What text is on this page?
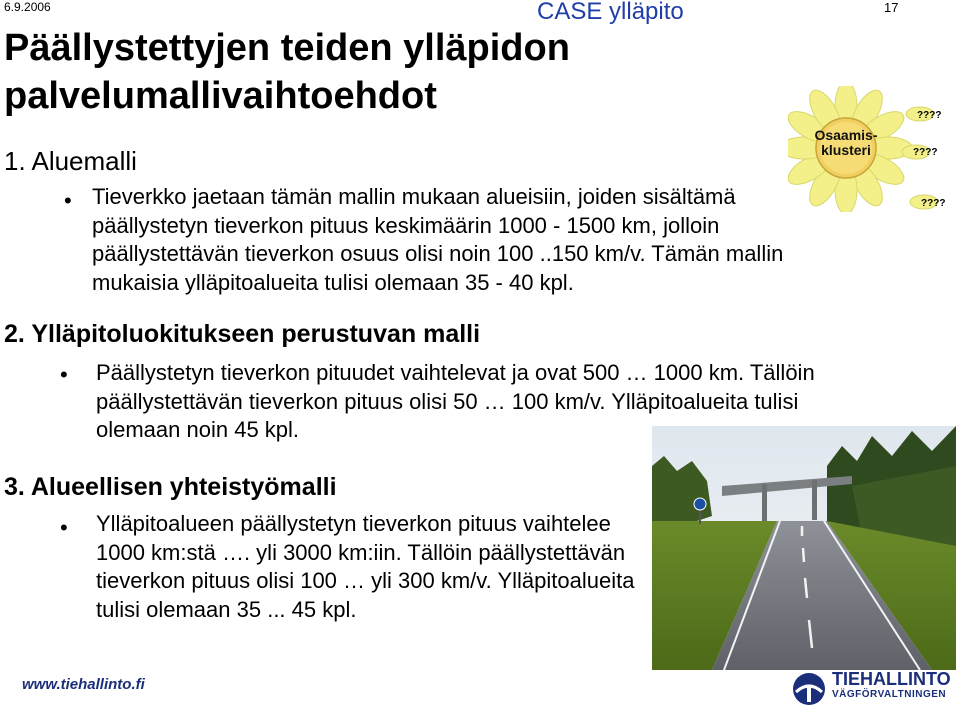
6.9.2006	CASE ylläpito	17
Päällystettyjen teiden ylläpidon
palvelumallivaihtoehdot
Osaamis-
klusteri
????
????
????
1. Aluemalli
• Tieverkko jaetaan tämän mallin mukaan alueisiin, joiden sisältämä päällystetyn tieverkon pituus keskimäärin 1000 - 1500 km, jolloin päällystettävän tieverkon osuus olisi noin 100 ..150 km/v. Tämän mallin mukaisia ylläpitoalueita tulisi olemaan 35 - 40 kpl.
2. Ylläpitoluokitukseen perustuvan malli
• Päällystetyn tieverkon pituudet vaihtelevat ja ovat 500 … 1000 km. Tällöin päällystettävän tieverkon pituus olisi 50 … 100 km/v. Ylläpitoalueita tulisi olemaan noin 45 kpl.
3. Alueellisen yhteistyömalli
• Ylläpitoalueen päällystetyn tieverkon pituus vaihtelee 1000 km:stä …. yli 3000 km:iin. Tällöin päällystettävän tieverkon pituus olisi 100 … yli 300 km/v. Ylläpitoalueita tulisi olemaan 35 ... 45 kpl.
www.tiehallinto.fi	TIEHALLINTO
VÄGFÖRVALTNINGEN
